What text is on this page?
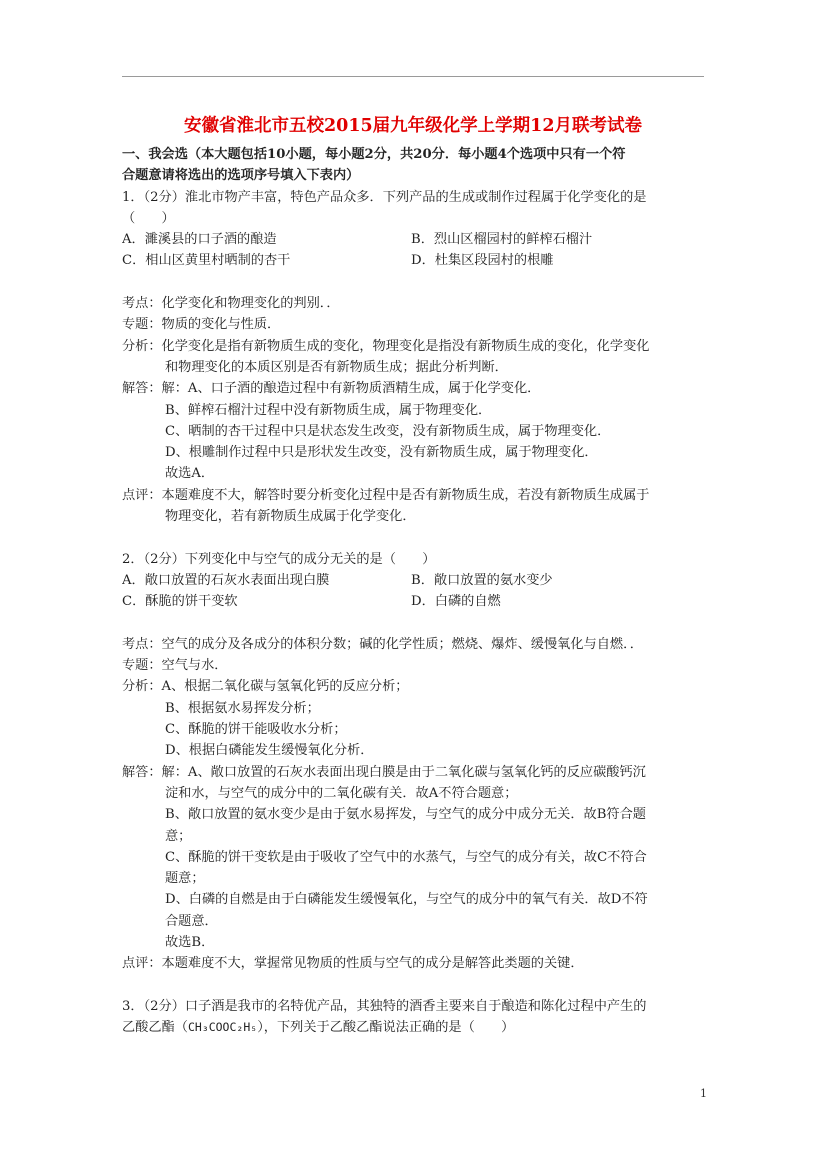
安徽省淮北市五校2015届九年级化学上学期12月联考试卷
一、我会选（本大题包括10小题，每小题2分，共20分．每小题4个选项中只有一个符
合题意请将选出的选项序号填入下表内）
1．（2分）淮北市物产丰富，特色产品众多．下列产品的生成或制作过程属于化学变化的是
（　　）
A．濉溪县的口子酒的酿造	B．烈山区榴园村的鲜榨石榴汁
C．相山区黄里村晒制的杏干	D．杜集区段园村的根雕
考点：化学变化和物理变化的判别．．
专题：物质的变化与性质．
分析：化学变化是指有新物质生成的变化，物理变化是指没有新物质生成的变化，化学变化
和物理变化的本质区别是否有新物质生成；据此分析判断．
解答：解：A、口子酒的酿造过程中有新物质酒精生成，属于化学变化．
B、鲜榨石榴汁过程中没有新物质生成，属于物理变化．
C、晒制的杏干过程中只是状态发生改变，没有新物质生成，属于物理变化．
D、根雕制作过程中只是形状发生改变，没有新物质生成，属于物理变化．
故选A．
点评：本题难度不大，解答时要分析变化过程中是否有新物质生成，若没有新物质生成属于
物理变化，若有新物质生成属于化学变化．
2．（2分）下列变化中与空气的成分无关的是（　　）
A．敞口放置的石灰水表面出现白膜	B．敞口放置的氨水变少
C．酥脆的饼干变软	D．白磷的自燃
考点：空气的成分及各成分的体积分数；碱的化学性质；燃烧、爆炸、缓慢氧化与自燃．．
专题：空气与水．
分析：A、根据二氧化碳与氢氧化钙的反应分析；
B、根据氨水易挥发分析；
C、酥脆的饼干能吸收水分析；
D、根据白磷能发生缓慢氧化分析．
解答：解：A、敞口放置的石灰水表面出现白膜是由于二氧化碳与氢氧化钙的反应碳酸钙沉
淀和水，与空气的成分中的二氧化碳有关．故A不符合题意；
B、敞口放置的氨水变少是由于氨水易挥发，与空气的成分中成分无关．故B符合题
意；
C、酥脆的饼干变软是由于吸收了空气中的水蒸气，与空气的成分有关，故C不符合
题意；
D、白磷的自燃是由于白磷能发生缓慢氧化，与空气的成分中的氧气有关．故D不符
合题意．
故选B．
点评：本题难度不大，掌握常见物质的性质与空气的成分是解答此类题的关键．
3．（2分）口子酒是我市的名特优产品，其独特的酒香主要来自于酿造和陈化过程中产生的
乙酸乙酯（CH₃COOC₂H₅），下列关于乙酸乙酯说法正确的是（　　）
1
